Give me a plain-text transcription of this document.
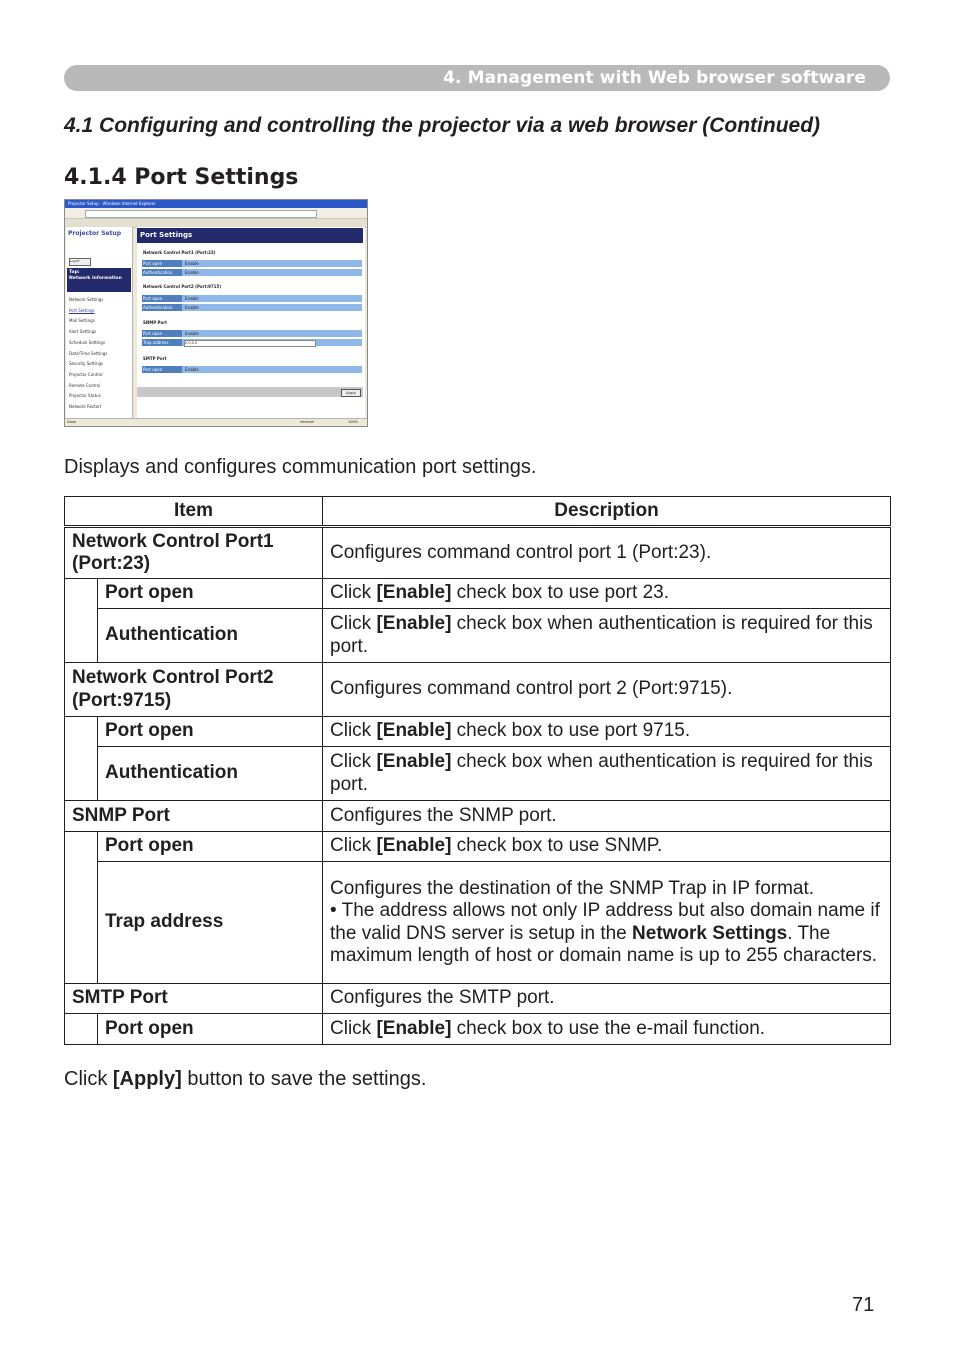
4. Management with Web browser software
4.1 Configuring and controlling the projector via a web browser (Continued)
4.1.4 Port Settings
Projector Setup - Windows Internet Explorer
Projector Setup
Logoff
Top:
Network Information
Network Settings
Port Settings
Mail Settings
Alert Settings
Schedule Settings
Date/Time Settings
Security Settings
Projector Control
Remote Control
Projector Status
Network Restart
Port Settings
Network Control Port1 (Port:23)
Port open	Enable
Authentication	Enable
Network Control Port2 (Port:9715)
Port open	Enable
Authentication	Enable
SNMP Port
Port open	Enable
Trap address	0.0.0.0
SMTP Port
Port open	Enable
Apply
Done	Internet	100%
Displays and configures communication port settings.
Item		Description
Network Control Port1 (Port:23)		Configures command control port 1 (Port:23).
	Port open	Click [Enable] check box to use port 23.
	Authentication	Click [Enable] check box when authentication is required for this port.
Network Control Port2 (Port:9715)		Configures command control port 2 (Port:9715).
	Port open	Click [Enable] check box to use port 9715.
	Authentication	Click [Enable] check box when authentication is required for this port.
SNMP Port		Configures the SNMP port.
	Port open	Click [Enable] check box to use SNMP.
	Trap address	Configures the destination of the SNMP Trap in IP format.
• The address allows not only IP address but also domain name if the valid DNS server is setup in the Network Settings. The maximum length of host or domain name is up to 255 characters.

SMTP Port		Configures the SMTP port.
	Port open	Click [Enable] check box to use the e-mail function.
Click [Apply] button to save the settings.
71
